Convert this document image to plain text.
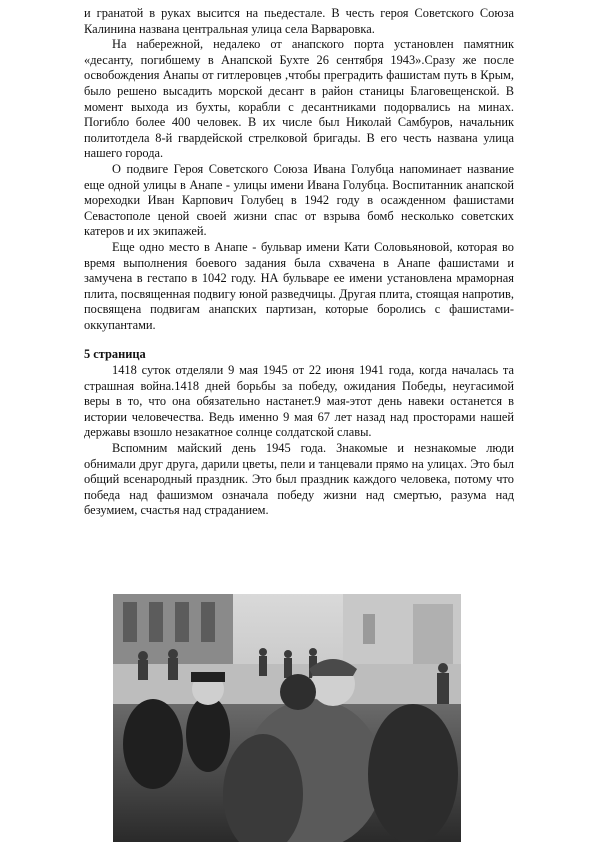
и гранатой в руках высится на пьедестале. В честь героя Советского Союза Калинина названа центральная улица села Варваровка.

На набережной, недалеко от анапского порта установлен памятник «десанту, погибшему в Анапской Бухте 26 сентября 1943».Сразу же после освобождения Анапы от гитлеровцев ,чтобы преградить фашистам путь в Крым, было решено высадить морской десант в район станицы Благовещенской. В момент выхода из бухты, корабли с десантниками подорвались на минах. Погибло более 400 человек. В их числе был Николай Самбуров, начальник политотдела 8-й гвардейской стрелковой бригады. В его честь названа улица нашего города.

О подвиге Героя Советского Союза Ивана Голубца напоминает название еще одной улицы в Анапе - улицы имени Ивана Голубца. Воспитанник анапской мореходки Иван Карпович Голубец в 1942 году в осажденном фашистами Севастополе ценой своей жизни спас от взрыва бомб несколько советских катеров и их экипажей.

Еще одно место в Анапе - бульвар имени Кати Соловьяновой, которая во время выполнения боевого задания была схвачена в Анапе фашистами и замучена в гестапо в 1042 году. НА бульваре ее имени установлена мраморная плита, посвященная подвигу юной разведчицы. Другая плита, стоящая напротив, посвящена подвигам анапских партизан, которые боролись с фашистами-оккупантами.

5 страница

1418 суток отделяли 9 мая 1945 от 22 июня 1941 года, когда началась та страшная война.1418 дней борьбы за победу, ожидания Победы, неугасимой веры в то, что она обязательно настанет.9 мая-этот день навеки останется в истории человечества. Ведь именно 9 мая 67 лет назад над просторами нашей державы взошло незакатное солнце солдатской славы.

Вспомним майский день 1945 года. Знакомые и незнакомые люди обнимали друг друга, дарили цветы, пели и танцевали прямо на улицах. Это был общий всенародный праздник. Это был праздник каждого человека, потому что победа над фашизмом означала победу жизни над смертью, разума над безумием, счастья над страданием.
